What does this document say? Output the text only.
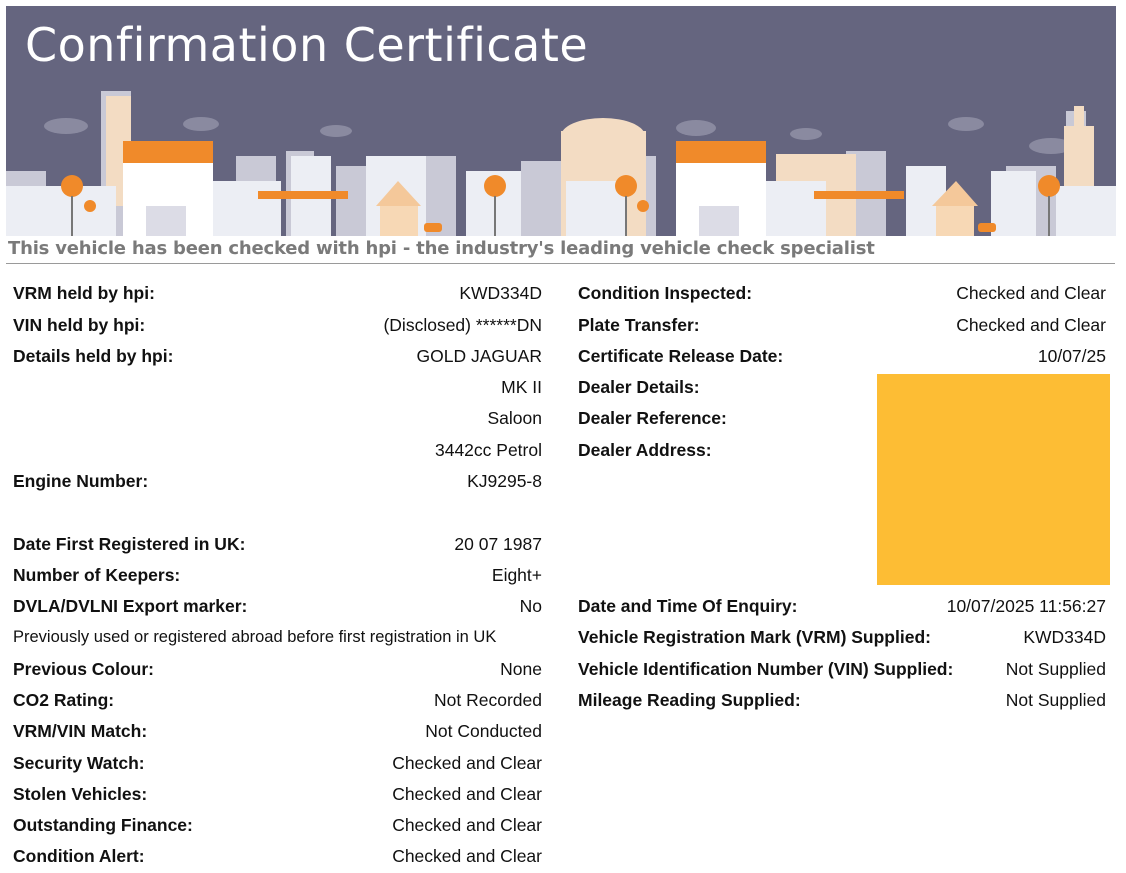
Confirmation Certificate
This vehicle has been checked with hpi - the industry's leading vehicle check specialist
VRM held by hpi:	KWD334D
VIN held by hpi:	(Disclosed) ******DN
Details held by hpi:	GOLD JAGUAR
MK II
Saloon
3442cc Petrol
Engine Number:	KJ9295-8
Date First Registered in UK:	20 07 1987
Number of Keepers:	Eight+
DVLA/DVLNI Export marker:	No
Previously used or registered abroad before first registration in UK
Previous Colour:	None
CO2 Rating:	Not Recorded
VRM/VIN Match:	Not Conducted
Security Watch:	Checked and Clear
Stolen Vehicles:	Checked and Clear
Outstanding Finance:	Checked and Clear
Condition Alert:	Checked and Clear
Condition Inspected:	Checked and Clear
Plate Transfer:	Checked and Clear
Certificate Release Date:	10/07/25
Dealer Details:
Dealer Reference:
Dealer Address:
Date and Time Of Enquiry:	10/07/2025 11:56:27
Vehicle Registration Mark (VRM) Supplied:	KWD334D
Vehicle Identification Number (VIN) Supplied:	Not Supplied
Mileage Reading Supplied:	Not Supplied
